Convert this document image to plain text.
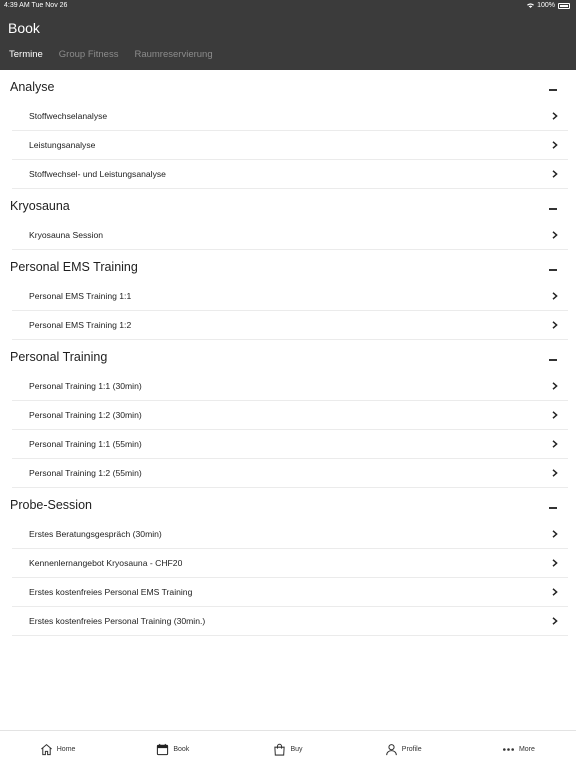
4:39 AM Tue Nov 26	100%
Book
Termine	Group Fitness	Raumreservierung
Analyse
Stoffwechselanalyse
Leistungsanalyse
Stoffwechsel- und Leistungsanalyse
Kryosauna
Kryosauna Session
Personal EMS Training
Personal EMS Training 1:1
Personal EMS Training 1:2
Personal Training
Personal Training 1:1 (30min)
Personal Training 1:2 (30min)
Personal Training 1:1 (55min)
Personal Training 1:2 (55min)
Probe-Session
Erstes Beratungsgespräch (30min)
Kennenlernangebot Kryosauna - CHF20
Erstes kostenfreies Personal EMS Training
Erstes kostenfreies Personal Training (30min.)
Home	Book	Buy	Profile	More
